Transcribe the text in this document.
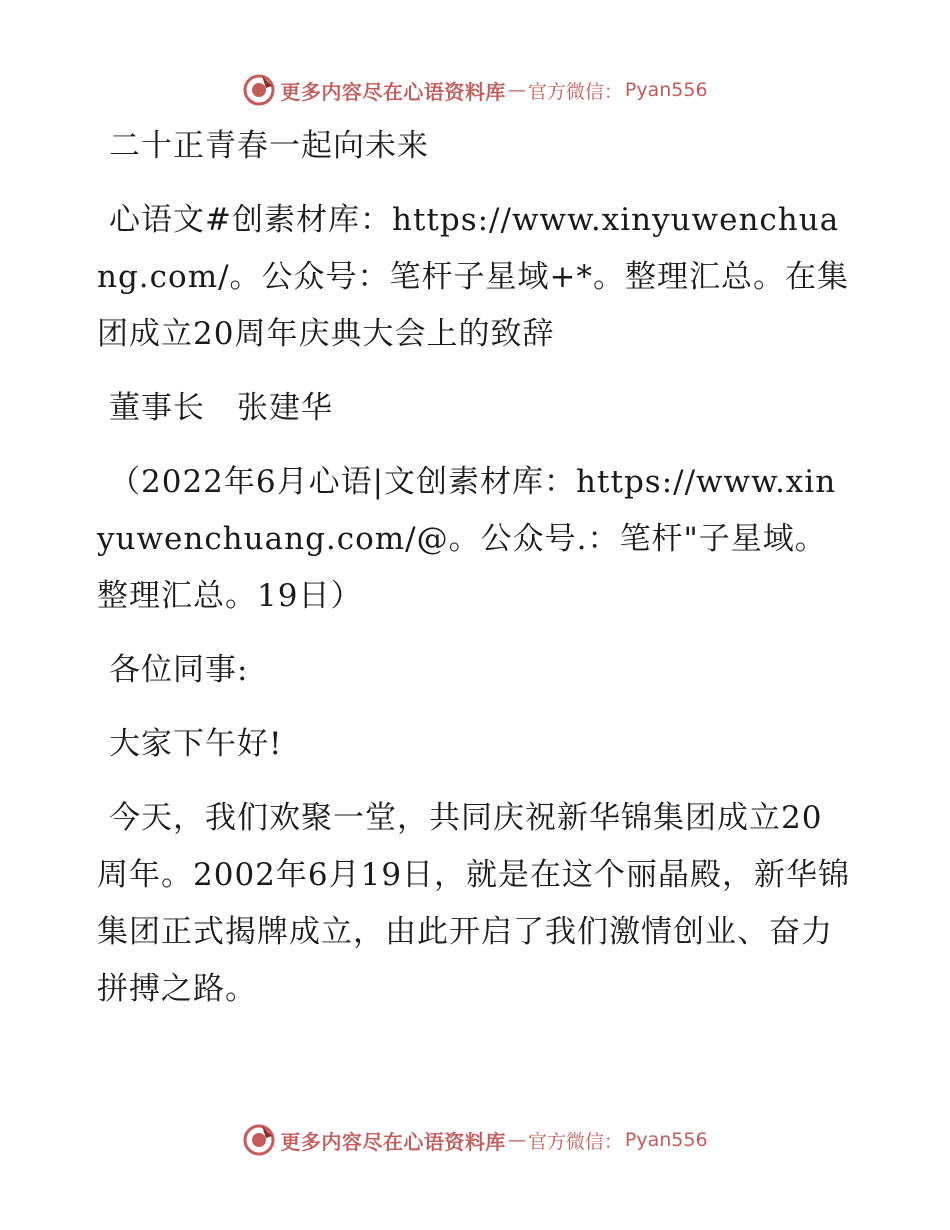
更多内容尽在心语资料库 — 官方微信： Pyan556

二十正青春一起向未来

心语文#创素材库：https://www.xinyuwenchuang.com/。公众号：笔杆子星域+*。整理汇总。在集团成立20周年庆典大会上的致辞

董事长　张建华

（2022年6月心语|文创素材库：https://www.xinyuwenchuang.com/@。公众号.：笔杆"子星域。整理汇总。19日）

各位同事:

大家下午好!

今天，我们欢聚一堂，共同庆祝新华锦集团成立20周年。2002年6月19日，就是在这个丽晶殿，新华锦集团正式揭牌成立，由此开启了我们激情创业、奋力拼搏之路。

更多内容尽在心语资料库 — 官方微信： Pyan556
